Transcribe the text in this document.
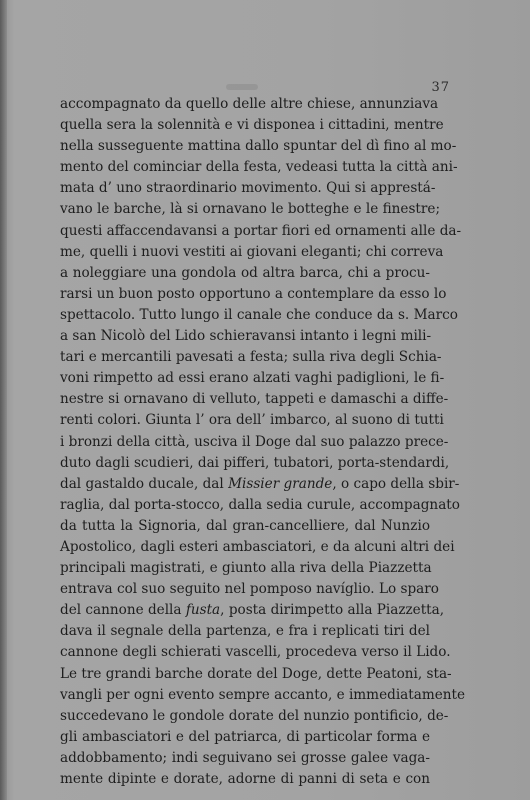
37
accompagnato da quello delle altre chiese, annunziava
quella sera la solennità e vi disponea i cittadini, mentre
nella susseguente mattina dallo spuntar del dì fino al mo-
mento del cominciar della festa, vedeasi tutta la città ani-
mata d’ uno straordinario movimento. Qui si apprestá-
vano le barche, là si ornavano le botteghe e le finestre;
questi affaccendavansi a portar fiori ed ornamenti alle da-
me, quelli i nuovi vestiti ai giovani eleganti; chi correva
a noleggiare una gondola od altra barca, chi a procu-
rarsi un buon posto opportuno a contemplare da esso lo
spettacolo. Tutto lungo il canale che conduce da s. Marco
a san Nicolò del Lido schieravansi intanto i legni mili-
tari e mercantili pavesati a festa; sulla riva degli Schia-
voni rimpetto ad essi erano alzati vaghi padiglioni, le fi-
nestre si ornavano di velluto, tappeti e damaschi a diffe-
renti colori. Giunta l’ ora dell’ imbarco, al suono di tutti
i bronzi della città, usciva il Doge dal suo palazzo prece-
duto dagli scudieri, dai pifferi, tubatori, porta-stendardi,
dal gastaldo ducale, dal Missier grande, o capo della sbir-
raglia, dal porta-stocco, dalla sedia curule, accompagnato
da tutta la Signoria, dal gran-cancelliere, dal Nunzio
Apostolico, dagli esteri ambasciatori, e da alcuni altri dei
principali magistrati, e giunto alla riva della Piazzetta
entrava col suo seguito nel pomposo navíglio. Lo sparo
del cannone della fusta, posta dirimpetto alla Piazzetta,
dava il segnale della partenza, e fra i replicati tiri del
cannone degli schierati vascelli, procedeva verso il Lido.
Le tre grandi barche dorate del Doge, dette Peatoni, sta-
vangli per ogni evento sempre accanto, e immediatamente
succedevano le gondole dorate del nunzio pontificio, de-
gli ambasciatori e del patriarca, di particolar forma e
addobbamento; indi seguivano sei grosse galee vaga-
mente dipinte e dorate, adorne di panni di seta e con
